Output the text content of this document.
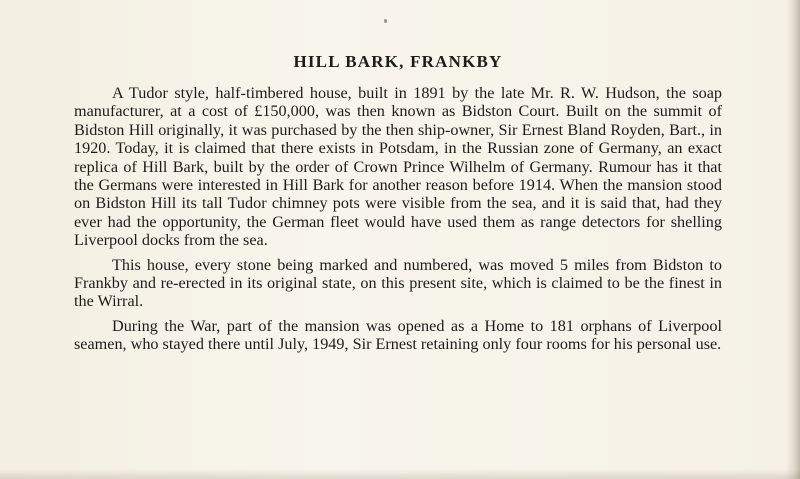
HILL BARK, FRANKBY

A Tudor style, half-timbered house, built in 1891 by the late Mr. R. W. Hudson, the soap manufacturer, at a cost of £150,000, was then known as Bidston Court. Built on the summit of Bidston Hill originally, it was purchased by the then ship-owner, Sir Ernest Bland Royden, Bart., in 1920. Today, it is claimed that there exists in Potsdam, in the Russian zone of Germany, an exact replica of Hill Bark, built by the order of Crown Prince Wilhelm of Germany. Rumour has it that the Germans were interested in Hill Bark for another reason before 1914. When the mansion stood on Bidston Hill its tall Tudor chimney pots were visible from the sea, and it is said that, had they ever had the opportunity, the German fleet would have used them as range detectors for shelling Liverpool docks from the sea.

This house, every stone being marked and numbered, was moved 5 miles from Bidston to Frankby and re-erected in its original state, on this present site, which is claimed to be the finest in the Wirral.

During the War, part of the mansion was opened as a Home to 181 orphans of Liverpool seamen, who stayed there until July, 1949, Sir Ernest retaining only four rooms for his personal use.
